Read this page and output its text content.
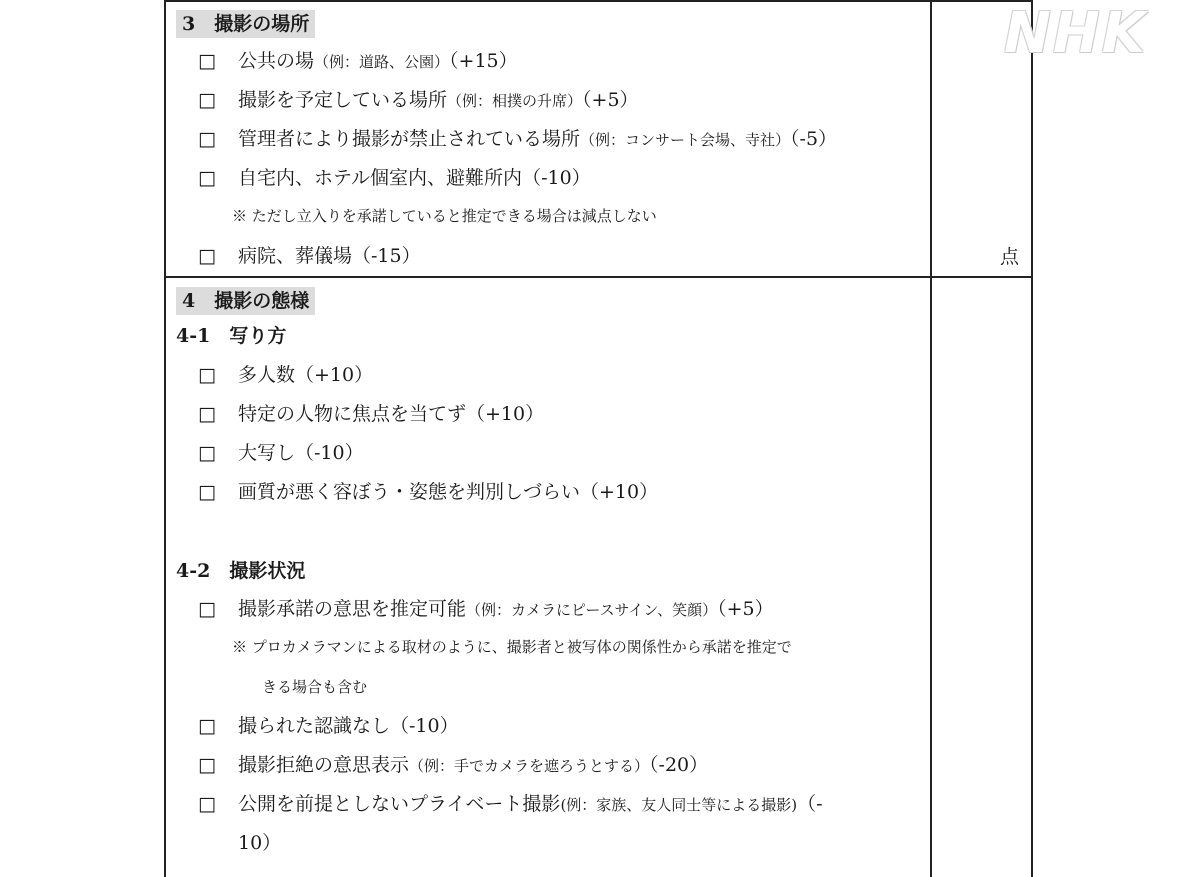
NHK
3　撮影の場所
□ 公共の場（例：道路、公園）（+15）
□ 撮影を予定している場所（例：相撲の升席）（+5）
□ 管理者により撮影が禁止されている場所（例：コンサート会場、寺社）（-5）
□ 自宅内、ホテル個室内、避難所内（-10）
※ ただし立入りを承諾していると推定できる場合は減点しない
□ 病院、葬儀場（-15）	点
4　撮影の態様
4-1　写り方
□ 多人数（+10）
□ 特定の人物に焦点を当てず（+10）
□ 大写し（-10）
□ 画質が悪く容ぼう・姿態を判別しづらい（+10）
4-2　撮影状況
□ 撮影承諾の意思を推定可能（例：カメラにピースサイン、笑顔）（+5）
※ プロカメラマンによる取材のように、撮影者と被写体の関係性から承諾を推定で
きる場合も含む
□ 撮られた認識なし（-10）
□ 撮影拒絶の意思表示（例：手でカメラを遮ろうとする）（-20）
□ 公開を前提としないプライベート撮影(例：家族、友人同士等による撮影)（-
10）
